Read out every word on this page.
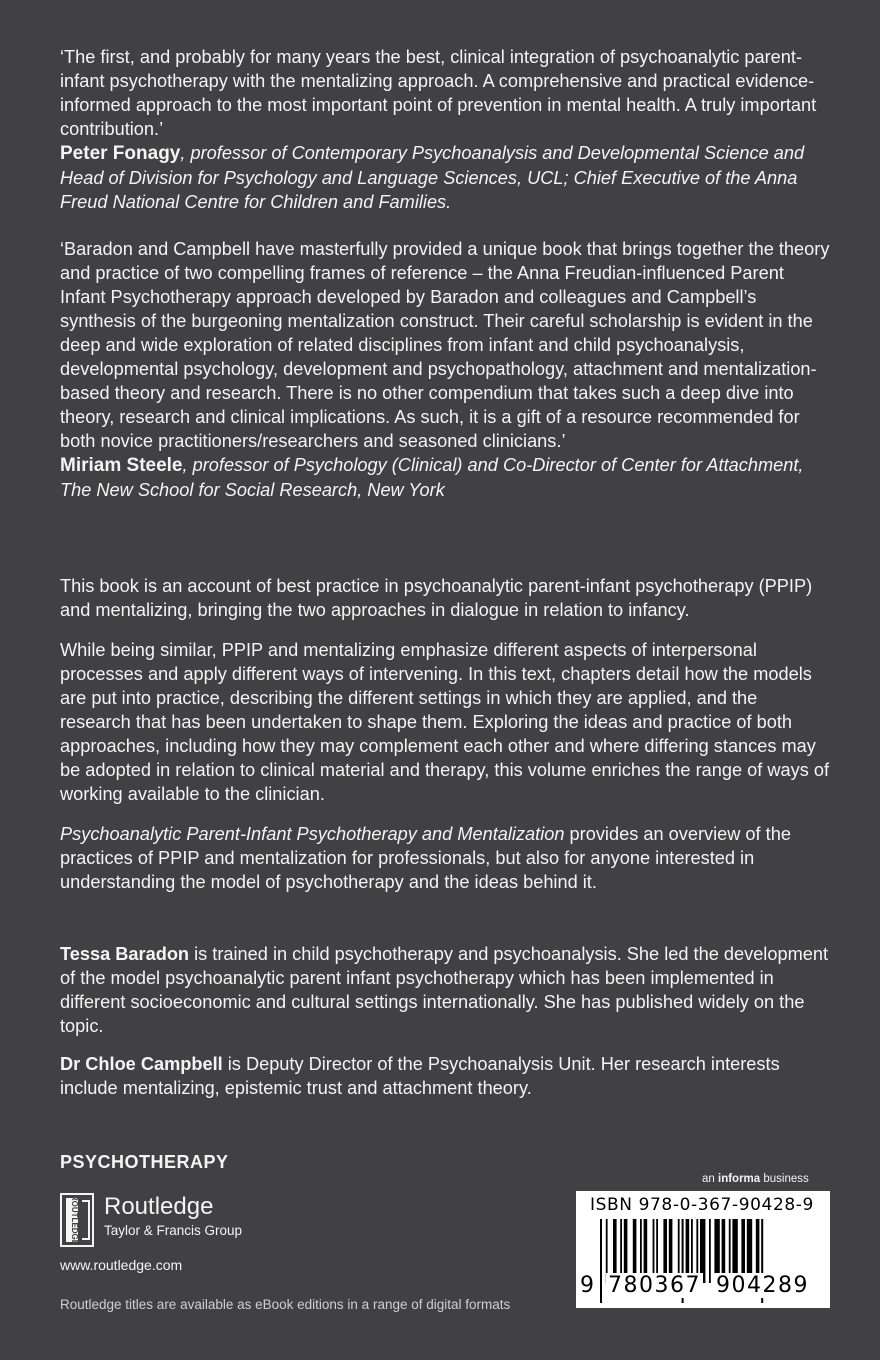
‘The first, and probably for many years the best, clinical integration of psychoanalytic parent-infant psychotherapy with the mentalizing approach. A comprehensive and practical evidence-informed approach to the most important point of prevention in mental health. A truly important contribution.’

Peter Fonagy, professor of Contemporary Psychoanalysis and Developmental Science and Head of Division for Psychology and Language Sciences, UCL; Chief Executive of the Anna Freud National Centre for Children and Families.

‘Baradon and Campbell have masterfully provided a unique book that brings together the theory and practice of two compelling frames of reference – the Anna Freudian-influenced Parent Infant Psychotherapy approach developed by Baradon and colleagues and Campbell’s synthesis of the burgeoning mentalization construct. Their careful scholarship is evident in the deep and wide exploration of related disciplines from infant and child psychoanalysis, developmental psychology, development and psychopathology, attachment and mentalization-based theory and research. There is no other compendium that takes such a deep dive into theory, research and clinical implications. As such, it is a gift of a resource recommended for both novice practitioners/researchers and seasoned clinicians.’

Miriam Steele, professor of Psychology (Clinical) and Co-Director of Center for Attachment, The New School for Social Research, New York

This book is an account of best practice in psychoanalytic parent-infant psychotherapy (PPIP) and mentalizing, bringing the two approaches in dialogue in relation to infancy.

While being similar, PPIP and mentalizing emphasize different aspects of interpersonal processes and apply different ways of intervening. In this text, chapters detail how the models are put into practice, describing the different settings in which they are applied, and the research that has been undertaken to shape them. Exploring the ideas and practice of both approaches, including how they may complement each other and where differing stances may be adopted in relation to clinical material and therapy, this volume enriches the range of ways of working available to the clinician.

Psychoanalytic Parent-Infant Psychotherapy and Mentalization provides an overview of the practices of PPIP and mentalization for professionals, but also for anyone interested in understanding the model of psychotherapy and the ideas behind it.

Tessa Baradon is trained in child psychotherapy and psychoanalysis. She led the development of the model psychoanalytic parent infant psychotherapy which has been implemented in different socioeconomic and cultural settings internationally. She has published widely on the topic.

Dr Chloe Campbell is Deputy Director of the Psychoanalysis Unit. Her research interests include mentalizing, epistemic trust and attachment theory.

PSYCHOTHERAPY
ROUTLEDGE Routledge
Taylor & Francis Group
www.routledge.com
Routledge titles are available as eBook editions in a range of digital formats
an informa business
ISBN 978-0-367-90428-9
9 780367 904289
